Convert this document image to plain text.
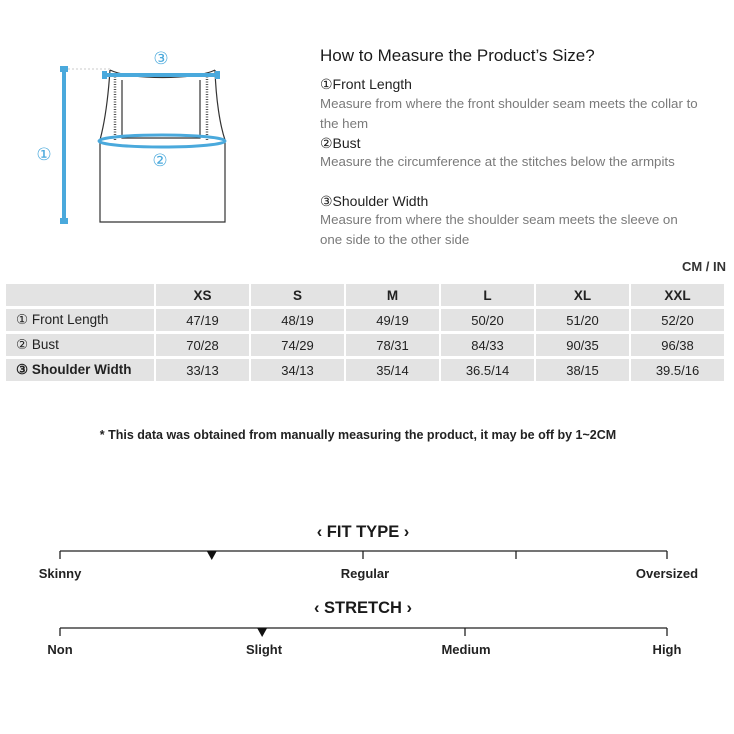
①	②
③	How to Measure the Product’s Size?
①Front Length
Measure from where the front shoulder seam meets the collar to the hem
②Bust
Measure the circumference at the stitches below the armpits
③Shoulder Width
Measure from where the shoulder seam meets the sleeve on one side to the other side
CM / IN
	XS	S	M	L	XL	XXL
① Front Length	47/19	48/19	49/19	50/20	51/20	52/20
② Bust	70/28	74/29	78/31	84/33	90/35	96/38
③ Shoulder Width	33/13	34/13	35/14	36.5/14	38/15	39.5/16
* This data was obtained from manually measuring the product, it may be off by 1~2CM
‹ FIT TYPE ›
Skinny	Regular	Oversized
‹ STRETCH ›
Non	Slight	Medium	High
